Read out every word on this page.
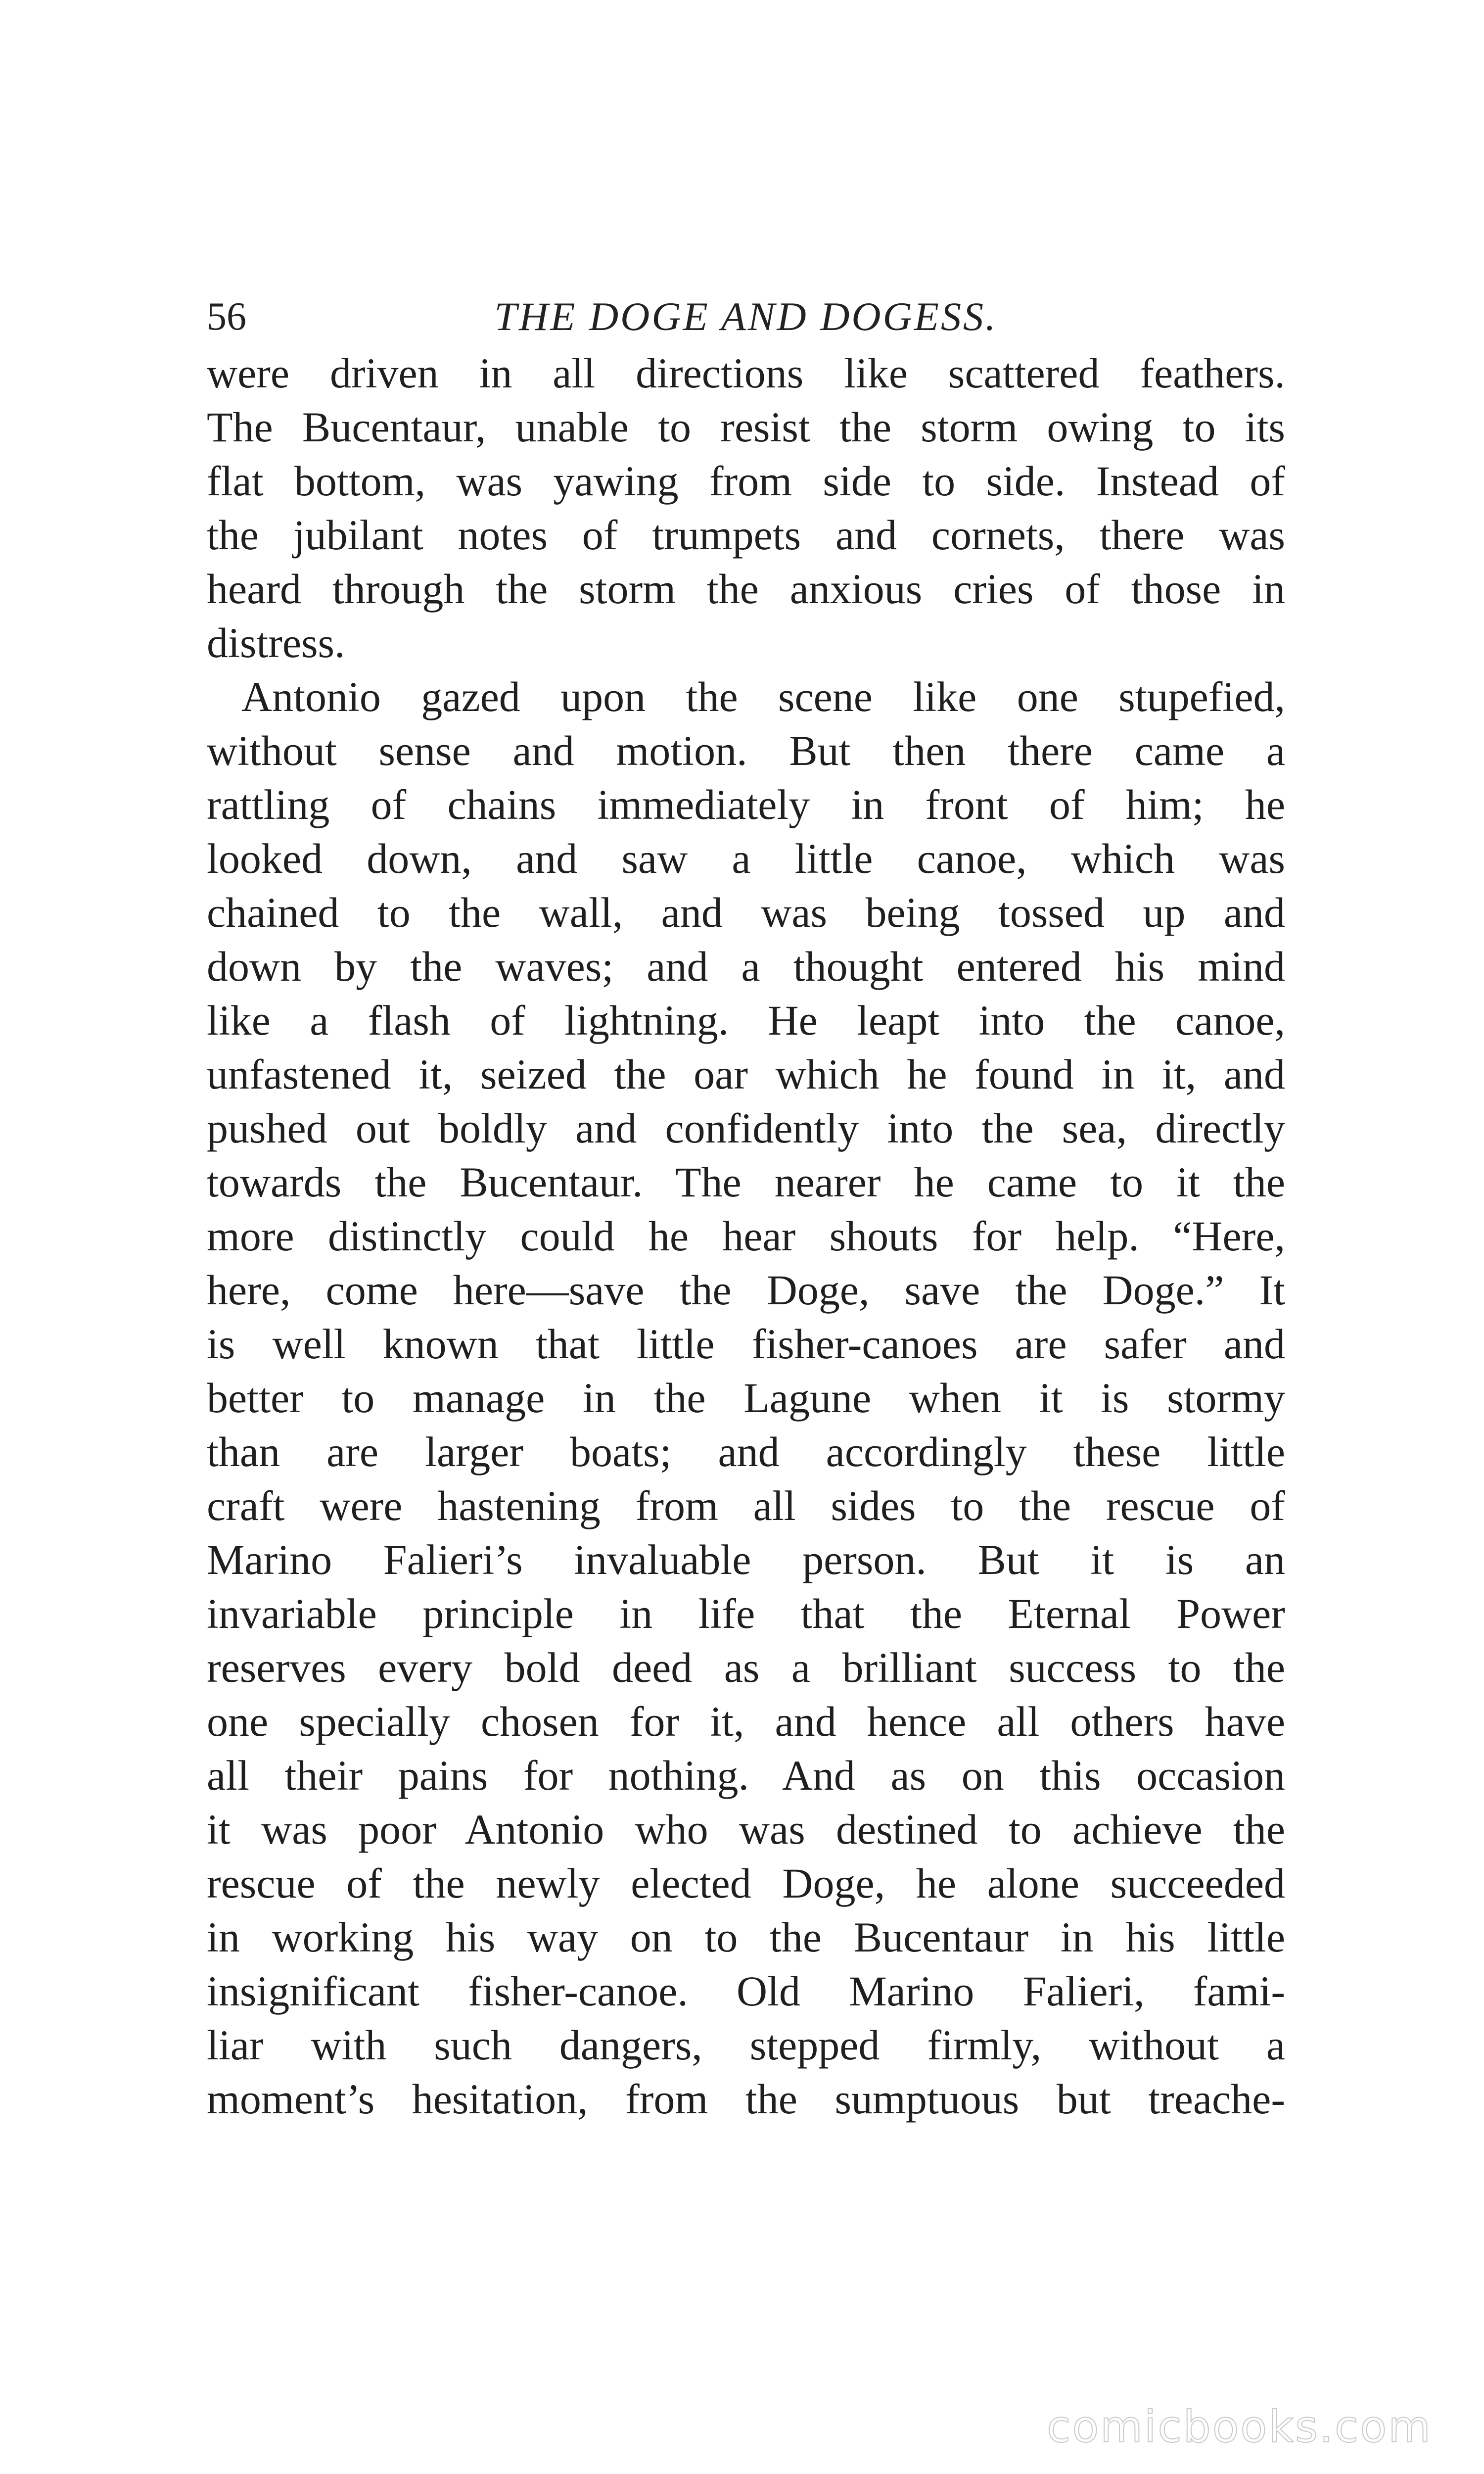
56	THE DOGE AND DOGESS.

were driven in all directions like scattered feathers.
The Bucentaur, unable to resist the storm owing to its
flat bottom, was yawing from side to side. Instead of
the jubilant notes of trumpets and cornets, there was
heard through the storm the anxious cries of those in
distress.

Antonio gazed upon the scene like one stupefied,
without sense and motion. But then there came a
rattling of chains immediately in front of him; he
looked down, and saw a little canoe, which was
chained to the wall, and was being tossed up and
down by the waves; and a thought entered his mind
like a flash of lightning. He leapt into the canoe,
unfastened it, seized the oar which he found in it, and
pushed out boldly and confidently into the sea, directly
towards the Bucentaur. The nearer he came to it the
more distinctly could he hear shouts for help. “Here,
here, come here—save the Doge, save the Doge.” It
is well known that little fisher-canoes are safer and
better to manage in the Lagune when it is stormy
than are larger boats; and accordingly these little
craft were hastening from all sides to the rescue of
Marino Falieri’s invaluable person. But it is an
invariable principle in life that the Eternal Power
reserves every bold deed as a brilliant success to the
one specially chosen for it, and hence all others have
all their pains for nothing. And as on this occasion
it was poor Antonio who was destined to achieve the
rescue of the newly elected Doge, he alone succeeded
in working his way on to the Bucentaur in his little
insignificant fisher-canoe. Old Marino Falieri, fami-
liar with such dangers, stepped firmly, without a
moment’s hesitation, from the sumptuous but treache-

comicbooks.com
